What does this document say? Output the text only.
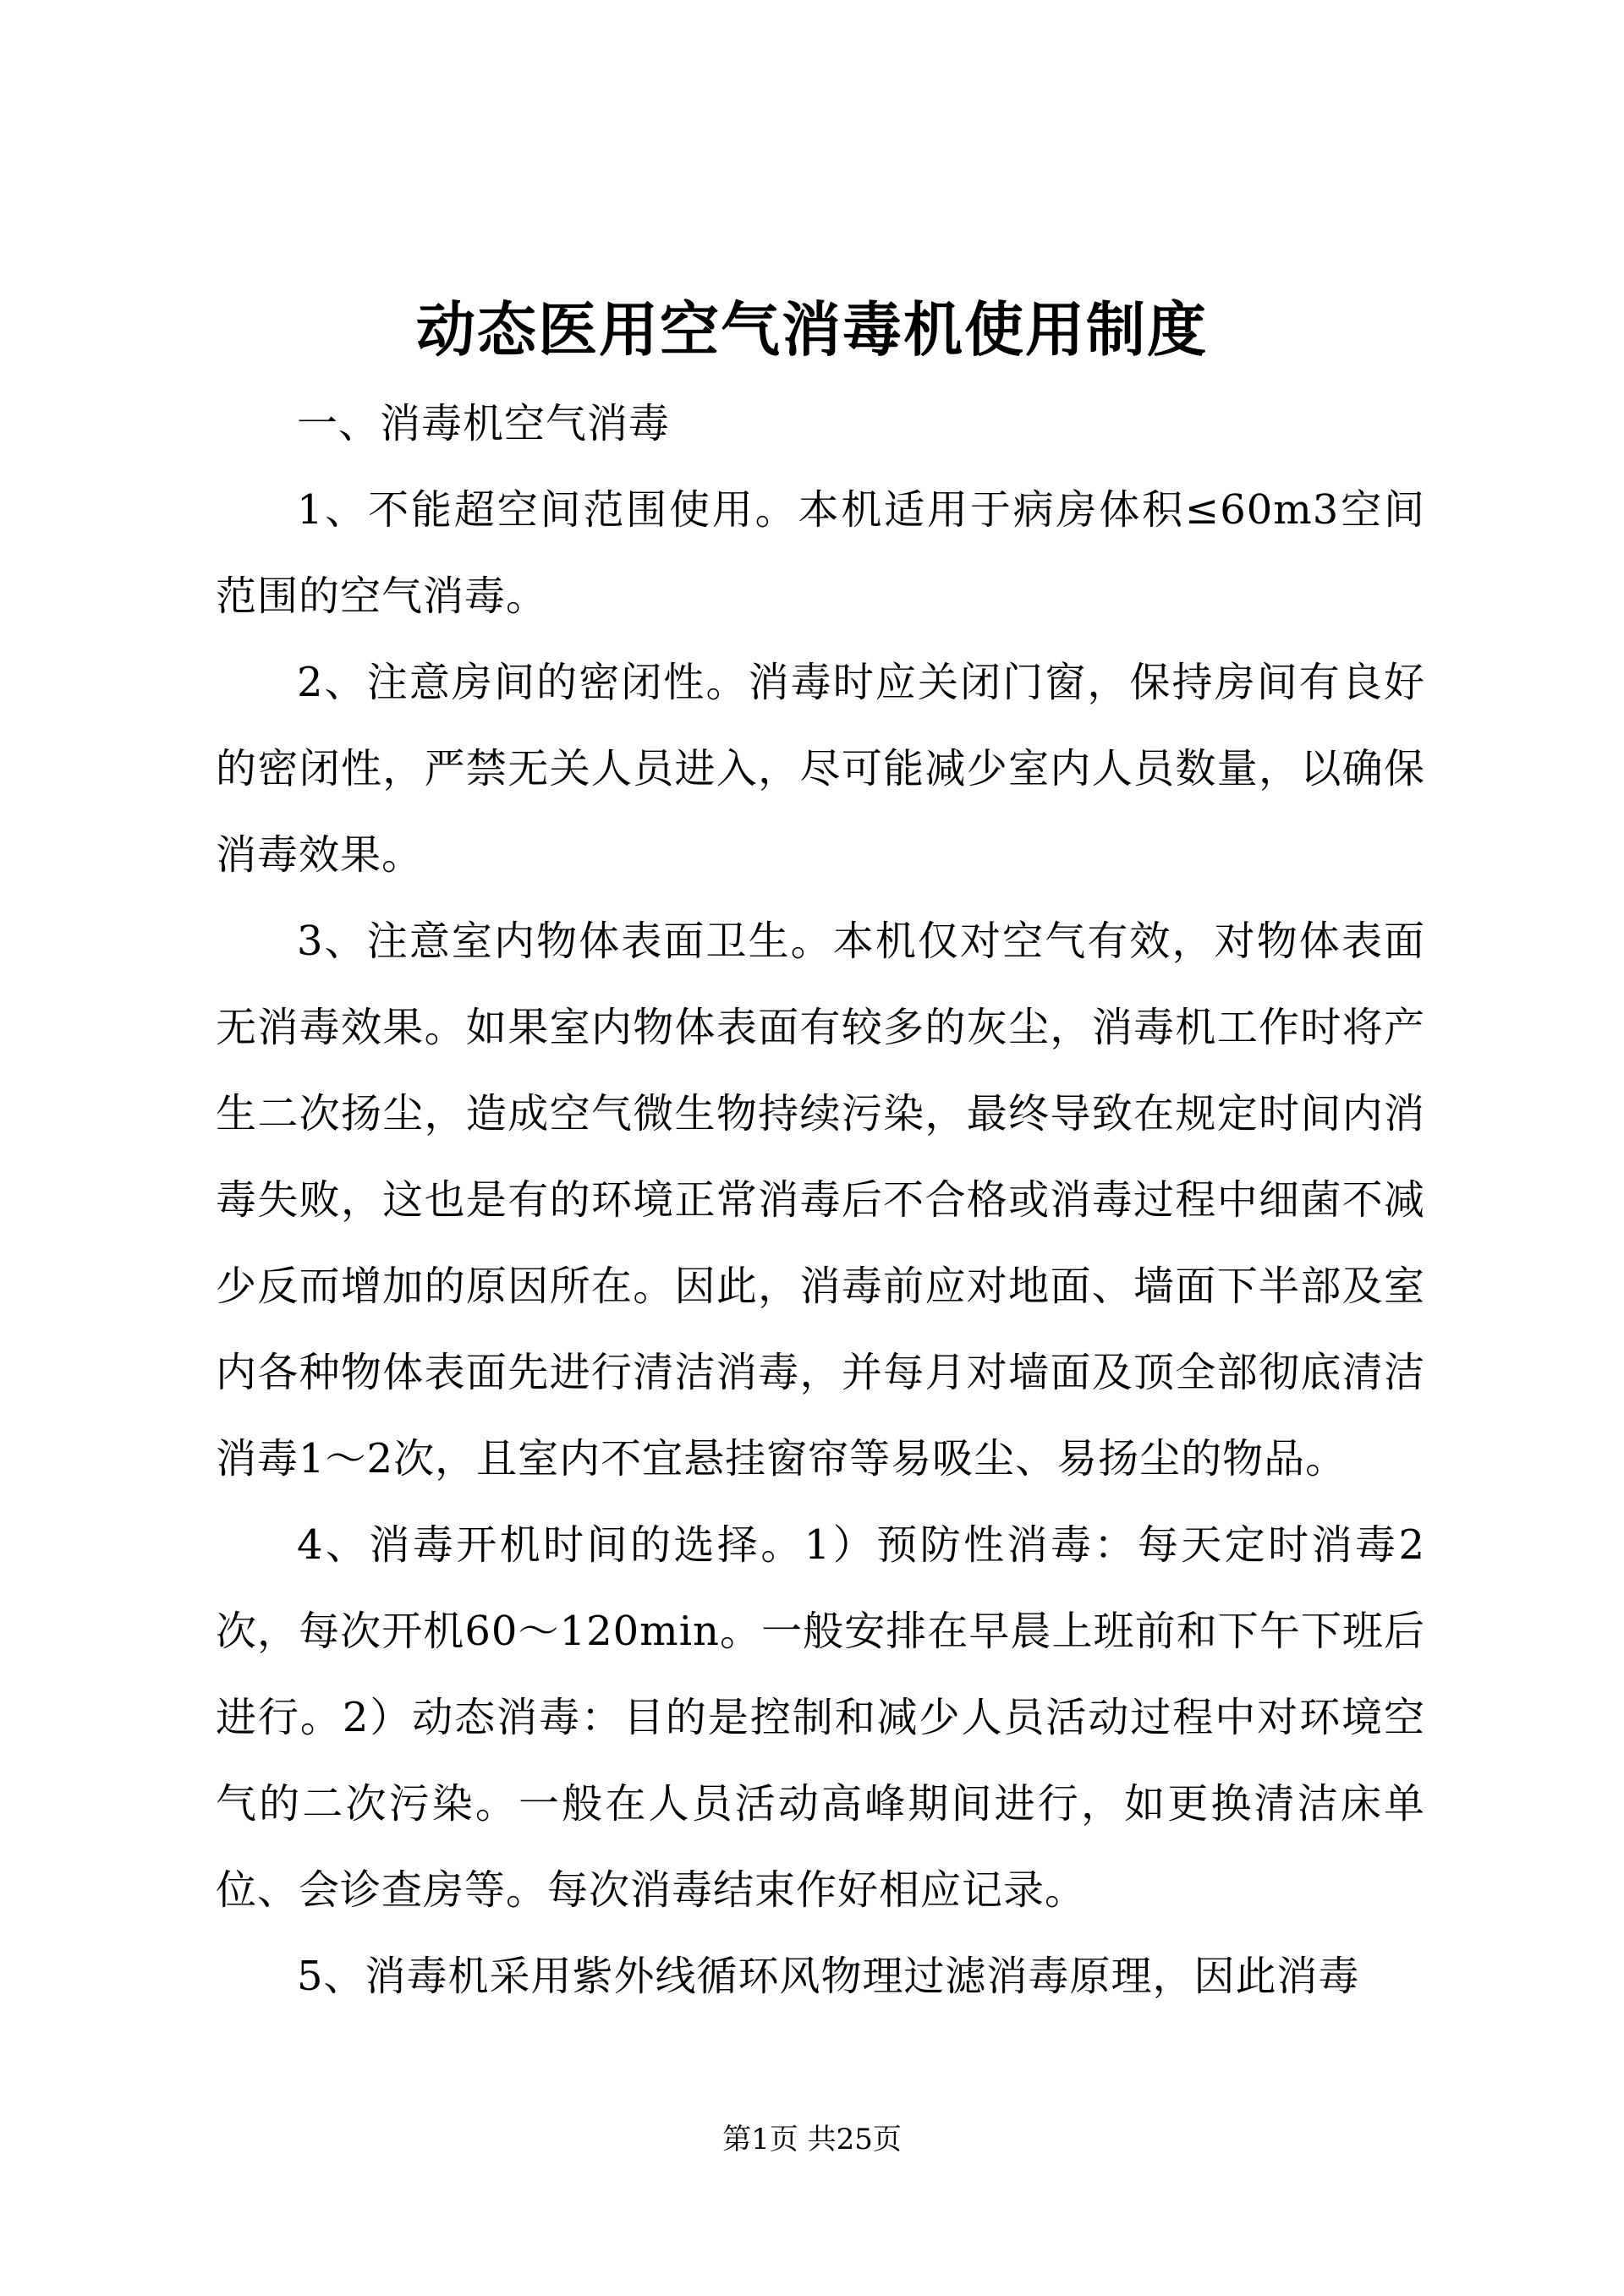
动态医用空气消毒机使用制度

一、消毒机空气消毒

1、不能超空间范围使用。本机适用于病房体积≤60m3空间范围的空气消毒。

2、注意房间的密闭性。消毒时应关闭门窗，保持房间有良好的密闭性，严禁无关人员进入，尽可能减少室内人员数量，以确保消毒效果。

3、注意室内物体表面卫生。本机仅对空气有效，对物体表面无消毒效果。如果室内物体表面有较多的灰尘，消毒机工作时将产生二次扬尘，造成空气微生物持续污染，最终导致在规定时间内消毒失败，这也是有的环境正常消毒后不合格或消毒过程中细菌不减少反而增加的原因所在。因此，消毒前应对地面、墙面下半部及室内各种物体表面先进行清洁消毒，并每月对墙面及顶全部彻底清洁消毒1～2次，且室内不宜悬挂窗帘等易吸尘、易扬尘的物品。

4、消毒开机时间的选择。1）预防性消毒：每天定时消毒2次，每次开机60～120min。一般安排在早晨上班前和下午下班后进行。2）动态消毒：目的是控制和减少人员活动过程中对环境空气的二次污染。一般在人员活动高峰期间进行，如更换清洁床单位、会诊查房等。每次消毒结束作好相应记录。

5、消毒机采用紫外线循环风物理过滤消毒原理，因此消毒

第1页 共25页
